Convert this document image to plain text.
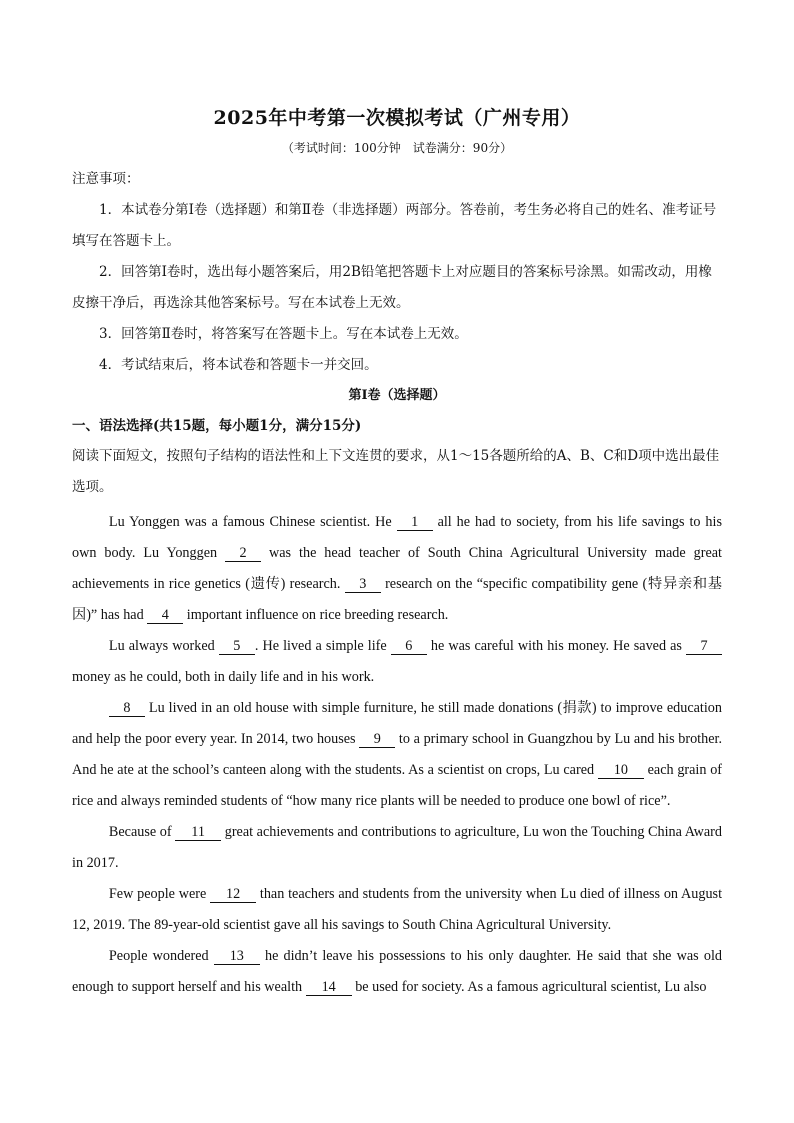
2025年中考第一次模拟考试（广州专用）
（考试时间：100分钟　试卷满分：90分）
注意事项：
1．本试卷分第Ⅰ卷（选择题）和第Ⅱ卷（非选择题）两部分。答卷前，考生务必将自己的姓名、准考证号填写在答题卡上。
2．回答第Ⅰ卷时，选出每小题答案后，用2B铅笔把答题卡上对应题目的答案标号涂黑。如需改动，用橡皮擦干净后，再选涂其他答案标号。写在本试卷上无效。
3．回答第Ⅱ卷时，将答案写在答题卡上。写在本试卷上无效。
4．考试结束后，将本试卷和答题卡一并交回。
第Ⅰ卷（选择题）
一、语法选择(共15题，每小题1分，满分15分)
阅读下面短文，按照句子结构的语法性和上下文连贯的要求，从1～15各题所给的A、B、C和D项中选出最佳选项。

Lu Yonggen was a famous Chinese scientist. He 1 all he had to society, from his life savings to his own body. Lu Yonggen 2 was the head teacher of South China Agricultural University made great achievements in rice genetics (遗传) research. 3 research on the “specific compatibility gene (特异亲和基因)” has had 4 important influence on rice breeding research.

Lu always worked 5 . He lived a simple life 6 he was careful with his money. He saved as 7 money as he could, both in daily life and in his work.

8 Lu lived in an old house with simple furniture, he still made donations (捐款) to improve education and help the poor every year. In 2014, two houses 9 to a primary school in Guangzhou by Lu and his brother. And he ate at the school’s canteen along with the students. As a scientist on crops, Lu cared 10 each grain of rice and always reminded students of “how many rice plants will be needed to produce one bowl of rice”.

Because of 11 great achievements and contributions to agriculture, Lu won the Touching China Award in 2017.

Few people were 12 than teachers and students from the university when Lu died of illness on August 12, 2019. The 89-year-old scientist gave all his savings to South China Agricultural University.

People wondered 13 he didn’t leave his possessions to his only daughter. He said that she was old enough to support herself and his wealth 14 be used for society. As a famous agricultural scientist, Lu also
